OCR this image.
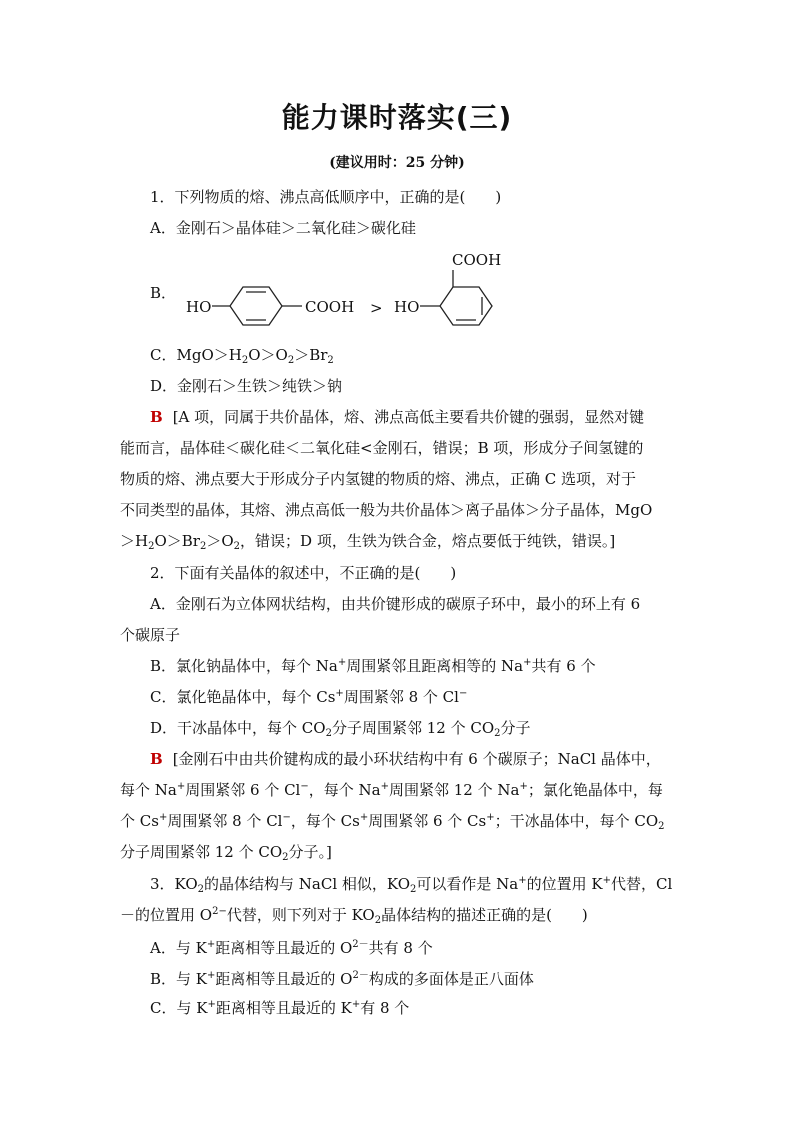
能力课时落实(三)
(建议用时：25 分钟)
1．下列物质的熔、沸点高低顺序中，正确的是(　　)
A．金刚石＞晶体硅＞二氧化硅＞碳化硅
B．
HO	COOH > HO
COOH
C．$MgO>H_2O>O_2>Br_2$
D．金刚石＞生铁＞纯铁＞钠
B [A 项，同属于共价晶体，熔、沸点高低主要看共价键的强弱，显然对键
能而言，晶体硅＜碳化硅＜二氧化硅<金刚石，错误；B 项，形成分子间氢键的
物质的熔、沸点要大于形成分子内氢键的物质的熔、沸点，正确 C 选项，对于
不同类型的晶体，其熔、沸点高低一般为共价晶体＞离子晶体＞分子晶体，MgO
$>H_2O>Br_2>O_2$，错误；D 项，生铁为铁合金，熔点要低于纯铁，错误。]
2．下面有关晶体的叙述中，不正确的是(　　)
A．金刚石为立体网状结构，由共价键形成的碳原子环中，最小的环上有 6
个碳原子
B．氯化钠晶体中，每个 Na+周围紧邻且距离相等的 Na+共有 6 个
C．氯化铯晶体中，每个 Cs+周围紧邻 8 个 Cl−
D．干冰晶体中，每个 $CO_2$分子周围紧邻 12 个 $CO_2$分子
B [金刚石中由共价键构成的最小环状结构中有 6 个碳原子；NaCl 晶体中，
每个 Na+周围紧邻 6 个 Cl−，每个 Na+周围紧邻 12 个 Na+；氯化铯晶体中，每
个 Cs+周围紧邻 8 个 Cl−，每个 Cs+周围紧邻 6 个 Cs+；干冰晶体中，每个 $CO_2$
分子周围紧邻 12 个 $CO_2$分子。]
3．$KO_2$的晶体结构与 NaCl 相似，$KO_2$可以看作是 Na+的位置用 K+代替，Cl
－的位置用 $O^{2-}$代替，则下列对于 $KO_2$晶体结构的描述正确的是(　　)
A．与 K+距离相等且最近的 $O^{2-}$共有 8 个
B．与 K+距离相等且最近的 $O^{2-}$构成的多面体是正八面体
C．与 K+距离相等且最近的 K+有 8 个
